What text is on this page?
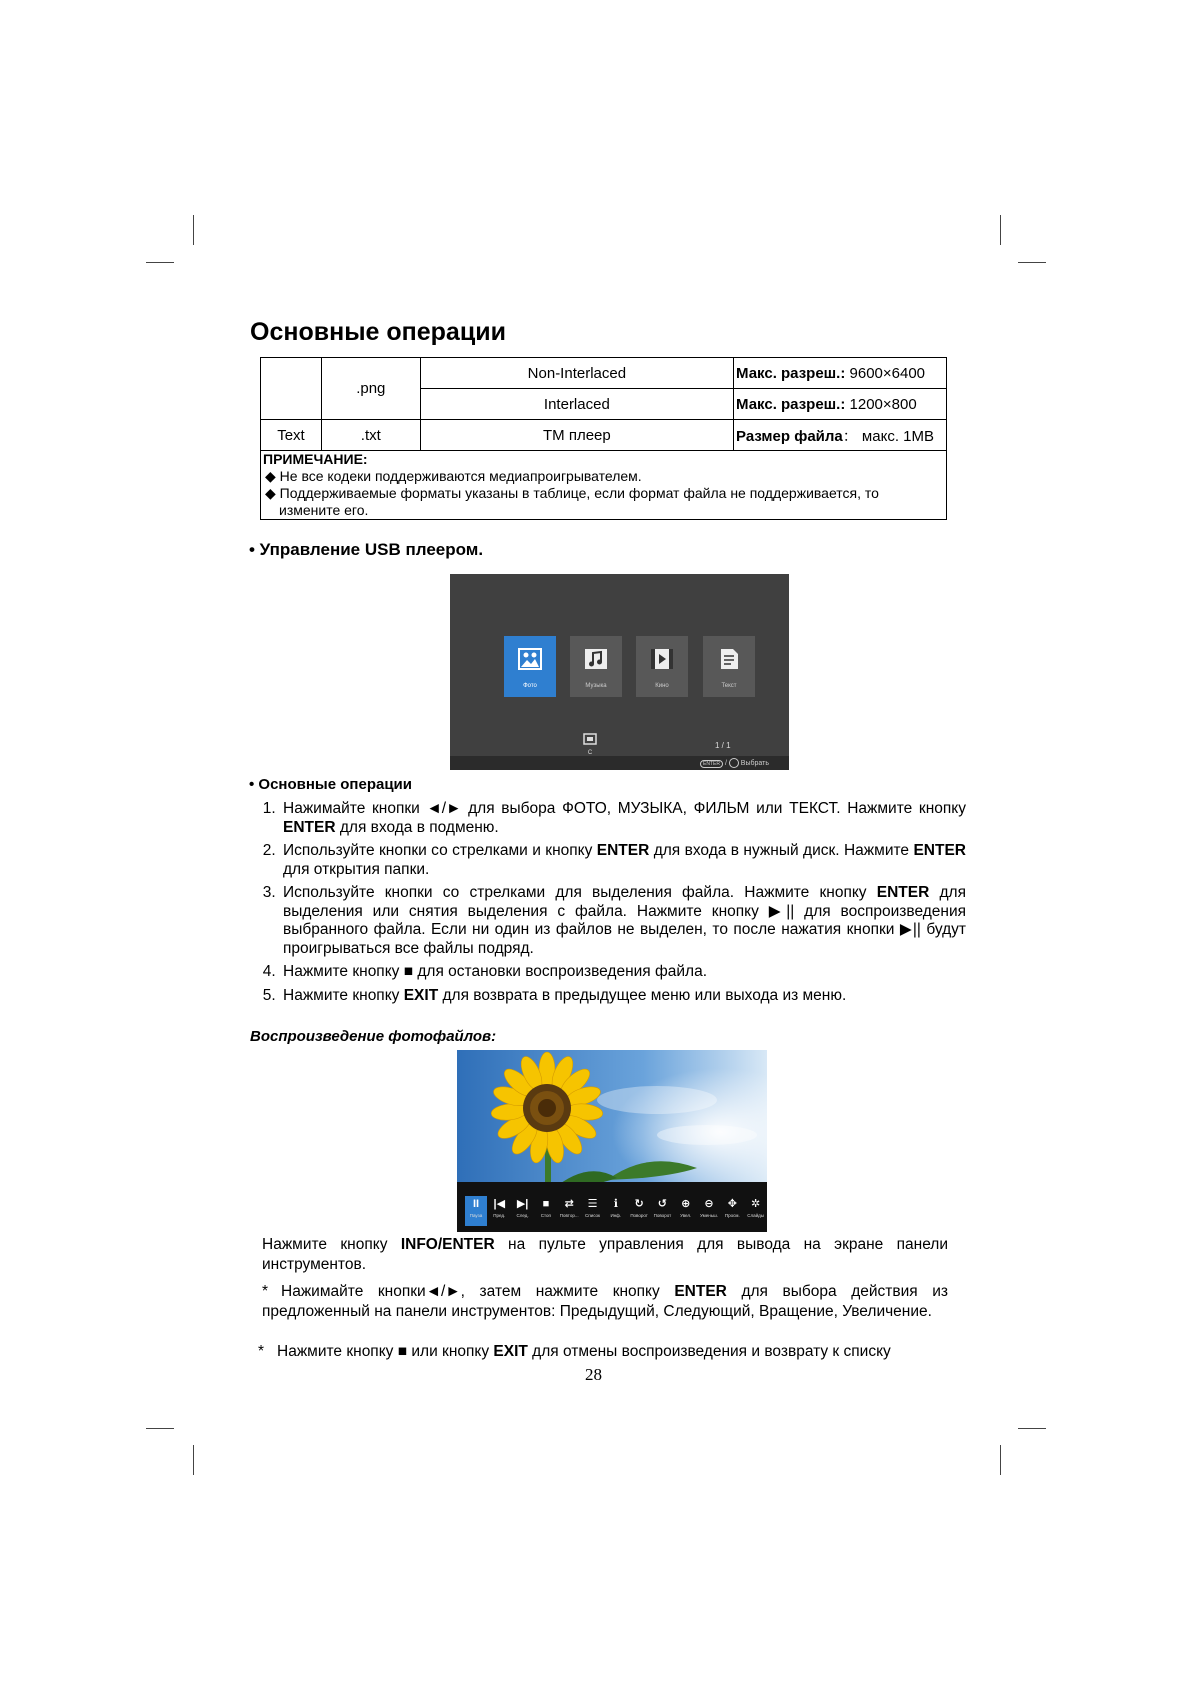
Основные операции
	.png	Non-Interlaced	Макс. разреш.: 9600×6400
		Interlaced	Макс. разреш.: 1200×800
Text	.txt	TM плеер	Размер файла： макс. 1MB

ПРИМЕЧАНИЕ:
◆ Не все кодеки поддерживаются медиапроигрывателем.
◆ Поддерживаемые форматы указаны в таблице, если формат файла не поддерживается, то измените его.			
• Управление USB плеером.
Фото	Музыка	Кино	Текст
C
1 / 1
ENTER /  Выбрать
• Основные операции
1. Нажимайте кнопки ◄/► для выбора ФОТО, МУЗЫКА, ФИЛЬМ или ТЕКСТ. Нажмите кнопку ENTER для входа в подменю.
2. Используйте кнопки со стрелками и кнопку ENTER для входа в нужный диск. Нажмите ENTER для открытия папки.
3. Используйте кнопки со стрелками для выделения файла. Нажмите кнопку ENTER для выделения или снятия выделения с файла. Нажмите кнопку ▶|| для воспроизведения выбранного файла. Если ни один из файлов не выделен, то после нажатия кнопки ▶|| будут проигрываться все файлы подряд.
4. Нажмите кнопку ■ для остановки воспроизведения файла.
5. Нажмите кнопку EXIT для возврата в предыдущее меню или выхода из меню.
Воспроизведение фотофайлов:
II
Пауза
|◀
Пред.
▶|
След.
■
Стоп
⇄
Повтор...
☰
Список
ℹ
Инф.
↻
Поворот
↺
Поворот
⊕
Увел.
⊖
Уменьш.
✥
Просм.
✲
Слайды

Нажмите кнопку INFO/ENTER на пульте управления для вывода на экране панели инструментов.

* Нажимайте кнопки◄/►, затем нажмите кнопку ENTER для выбора действия из предложенный на панели инструментов: Предыдущий, Следующий, Вращение, Увеличение.

* Нажмите кнопку ■ или кнопку EXIT для отмены воспроизведения и возврату к списку

28
